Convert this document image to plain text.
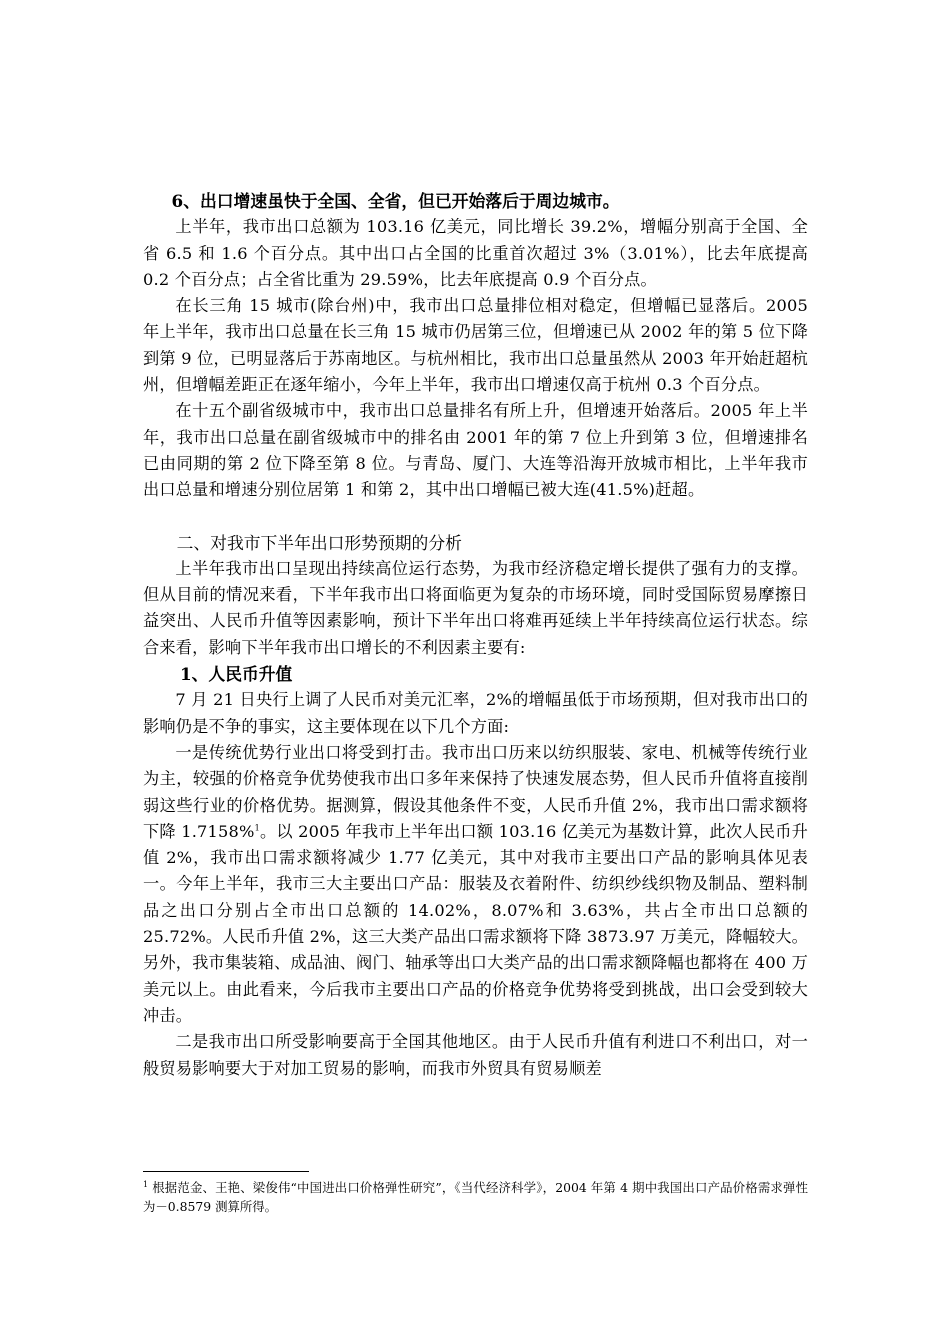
6、出口增速虽快于全国、全省，但已开始落后于周边城市。

上半年，我市出口总额为 103.16 亿美元，同比增长 39.2%，增幅分别高于全国、全省 6.5 和 1.6 个百分点。其中出口占全国的比重首次超过 3%（3.01%），比去年底提高 0.2 个百分点；占全省比重为 29.59%，比去年底提高 0.9 个百分点。

在长三角 15 城市(除台州)中，我市出口总量排位相对稳定，但增幅已显落后。2005 年上半年，我市出口总量在长三角 15 城市仍居第三位，但增速已从 2002 年的第 5 位下降到第 9 位，已明显落后于苏南地区。与杭州相比，我市出口总量虽然从 2003 年开始赶超杭州，但增幅差距正在逐年缩小，今年上半年，我市出口增速仅高于杭州 0.3 个百分点。

在十五个副省级城市中，我市出口总量排名有所上升，但增速开始落后。2005 年上半年，我市出口总量在副省级城市中的排名由 2001 年的第 7 位上升到第 3 位，但增速排名已由同期的第 2 位下降至第 8 位。与青岛、厦门、大连等沿海开放城市相比，上半年我市出口总量和增速分别位居第 1 和第 2，其中出口增幅已被大连(41.5%)赶超。

二、对我市下半年出口形势预期的分析

上半年我市出口呈现出持续高位运行态势，为我市经济稳定增长提供了强有力的支撑。但从目前的情况来看，下半年我市出口将面临更为复杂的市场环境，同时受国际贸易摩擦日益突出、人民币升值等因素影响，预计下半年出口将难再延续上半年持续高位运行状态。综合来看，影响下半年我市出口增长的不利因素主要有:

1、人民币升值

7 月 21 日央行上调了人民币对美元汇率，2%的增幅虽低于市场预期，但对我市出口的影响仍是不争的事实，这主要体现在以下几个方面:

一是传统优势行业出口将受到打击。我市出口历来以纺织服装、家电、机械等传统行业为主，较强的价格竞争优势使我市出口多年来保持了快速发展态势，但人民币升值将直接削弱这些行业的价格优势。据测算，假设其他条件不变，人民币升值 2%，我市出口需求额将下降 1.7158%$^1$。以 2005 年我市上半年出口额 103.16 亿美元为基数计算，此次人民币升值 2%，我市出口需求额将减少 1.77 亿美元，其中对我市主要出口产品的影响具体见表一。今年上半年，我市三大主要出口产品：服装及衣着附件、纺织纱线织物及制品、塑料制品之出口分别占全市出口总额的 14.02%，8.07%和 3.63%，共占全市出口总额的 25.72%。人民币升值 2%，这三大类产品出口需求额将下降 3873.97 万美元，降幅较大。另外，我市集装箱、成品油、阀门、轴承等出口大类产品的出口需求额降幅也都将在 400 万美元以上。由此看来，今后我市主要出口产品的价格竞争优势将受到挑战，出口会受到较大冲击。

二是我市出口所受影响要高于全国其他地区。由于人民币升值有利进口不利出口，对一般贸易影响要大于对加工贸易的影响，而我市外贸具有贸易顺差

$^1$ 根据范金、王艳、梁俊伟“中国进出口价格弹性研究”，《当代经济科学》，2004 年第 4 期中我国出口产品价格需求弹性为－0.8579 测算所得。
